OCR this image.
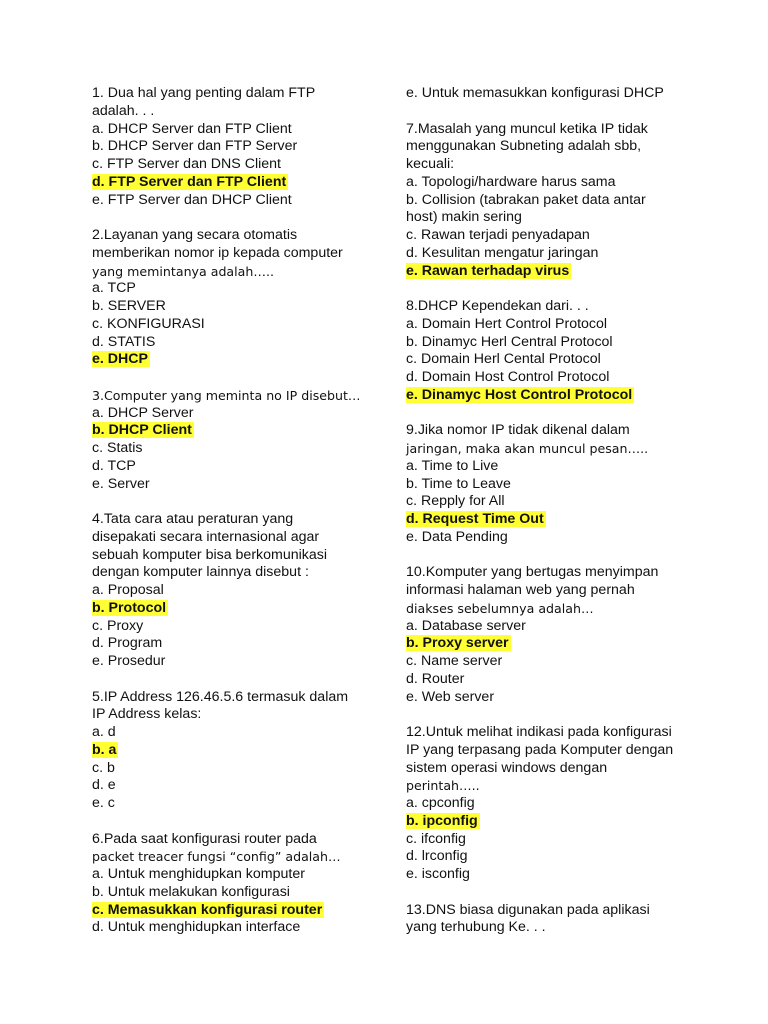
1. Dua hal yang penting dalam FTP
adalah. . .
a. DHCP Server dan FTP Client
b. DHCP Server dan FTP Server
c. FTP Server dan DNS Client
d. FTP Server dan FTP Client
e. FTP Server dan DHCP Client
2.Layanan yang secara otomatis
memberikan nomor ip kepada computer
yang memintanya adalah…..
a. TCP
b. SERVER
c. KONFIGURASI
d. STATIS
e. DHCP
3.Computer yang meminta no IP disebut…
a. DHCP Server
b. DHCP Client
c. Statis
d. TCP
e. Server
4.Tata cara atau peraturan yang
disepakati secara internasional agar
sebuah komputer bisa berkomunikasi
dengan komputer lainnya disebut :
a. Proposal
b. Protocol
c. Proxy
d. Program
e. Prosedur
5.IP Address 126.46.5.6 termasuk dalam
IP Address kelas:
a. d
b. a
c. b
d. e
e. c
6.Pada saat konfigurasi router pada
packet treacer fungsi “config” adalah…
a. Untuk menghidupkan komputer
b. Untuk melakukan konfigurasi
c. Memasukkan konfigurasi router
d. Untuk menghidupkan interface
e. Untuk memasukkan konfigurasi DHCP
7.Masalah yang muncul ketika IP tidak
menggunakan Subneting adalah sbb,
kecuali:
a. Topologi/hardware harus sama
b. Collision (tabrakan paket data antar
host) makin sering
c. Rawan terjadi penyadapan
d. Kesulitan mengatur jaringan
e. Rawan terhadap virus
8.DHCP Kependekan dari. . .
a. Domain Hert Control Protocol
b. Dinamyc Herl Central Protocol
c. Domain Herl Cental Protocol
d. Domain Host Control Protocol
e. Dinamyc Host Control Protocol
9.Jika nomor IP tidak dikenal dalam
jaringan, maka akan muncul pesan…..
a. Time to Live
b. Time to Leave
c. Repply for All
d. Request Time Out
e. Data Pending
10.Komputer yang bertugas menyimpan
informasi halaman web yang pernah
diakses sebelumnya adalah…
a. Database server
b. Proxy server
c. Name server
d. Router
e. Web server
12.Untuk melihat indikasi pada konfigurasi
IP yang terpasang pada Komputer dengan
sistem operasi windows dengan
perintah…..
a. cpconfig
b. ipconfig
c. ifconfig
d. lrconfig
e. isconfig
13.DNS biasa digunakan pada aplikasi
yang terhubung Ke. . .
